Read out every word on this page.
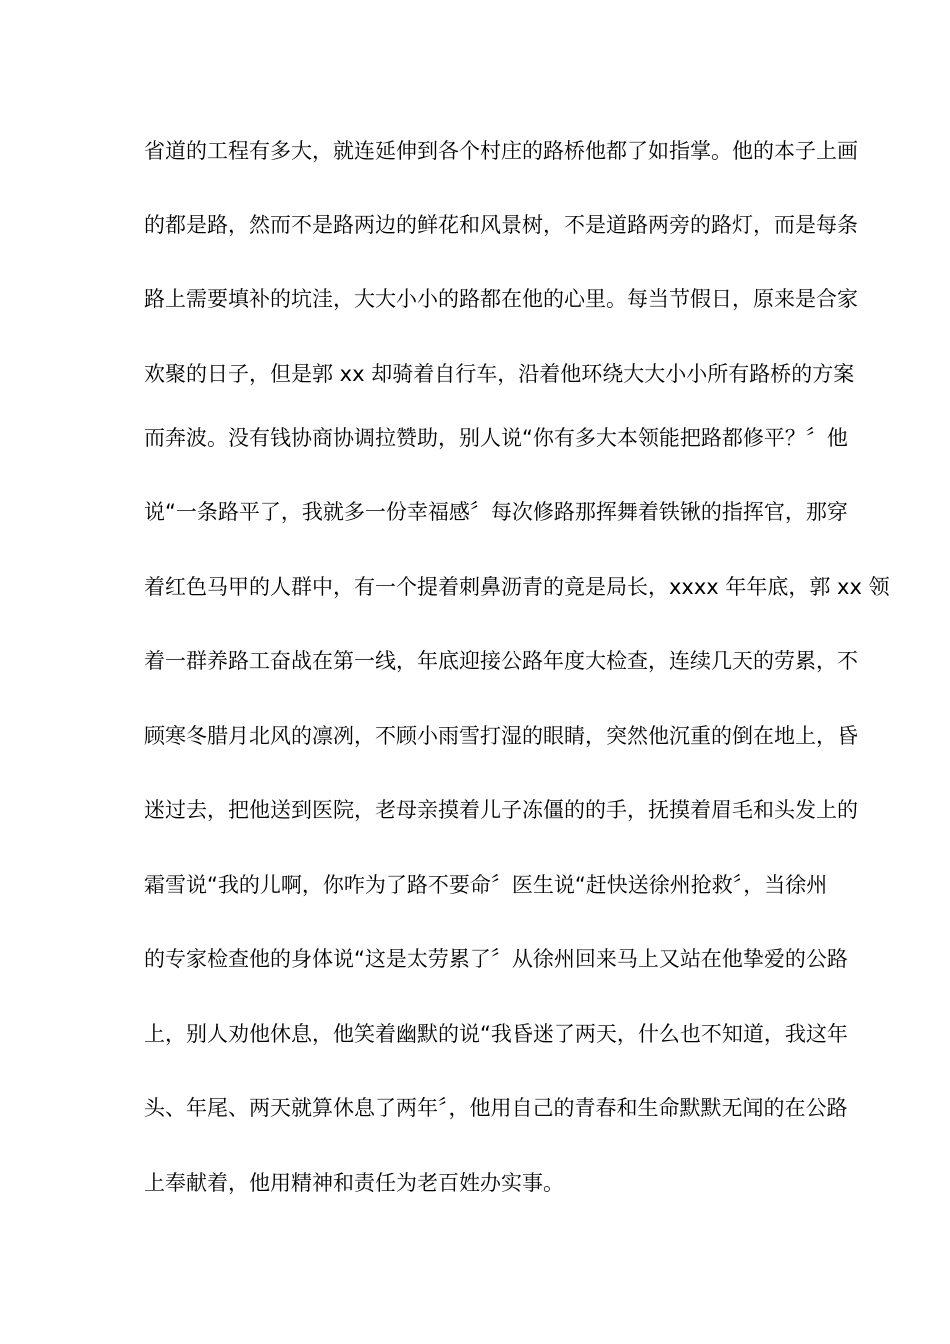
省道的工程有多大，就连延伸到各个村庄的路桥他都了如指掌。他的本子上画
的都是路，然而不是路两边的鲜花和风景树，不是道路两旁的路灯，而是每条
路上需要填补的坑洼，大大小小的路都在他的心里。每当节假日，原来是合家
欢聚的日子，但是郭 xx 却骑着自行车，沿着他环绕大大小小所有路桥的方案
而奔波。没有钱协商协调拉赞助，别人说“你有多大本领能把路都修平？〞他
说“一条路平了，我就多一份幸福感〞每次修路那挥舞着铁锹的指挥官，那穿
着红色马甲的人群中，有一个提着刺鼻沥青的竟是局长，xxxx 年年底，郭 xx 领
着一群养路工奋战在第一线，年底迎接公路年度大检查，连续几天的劳累，不
顾寒冬腊月北风的凛冽，不顾小雨雪打湿的眼睛，突然他沉重的倒在地上，昏
迷过去，把他送到医院，老母亲摸着儿子冻僵的的手，抚摸着眉毛和头发上的
霜雪说“我的儿啊，你咋为了路不要命〞医生说“赶快送徐州抢救〞，当徐州
的专家检查他的身体说“这是太劳累了〞从徐州回来马上又站在他挚爱的公路
上，别人劝他休息，他笑着幽默的说“我昏迷了两天，什么也不知道，我这年
头、年尾、两天就算休息了两年〞，他用自己的青春和生命默默无闻的在公路
上奉献着，他用精神和责任为老百姓办实事。
